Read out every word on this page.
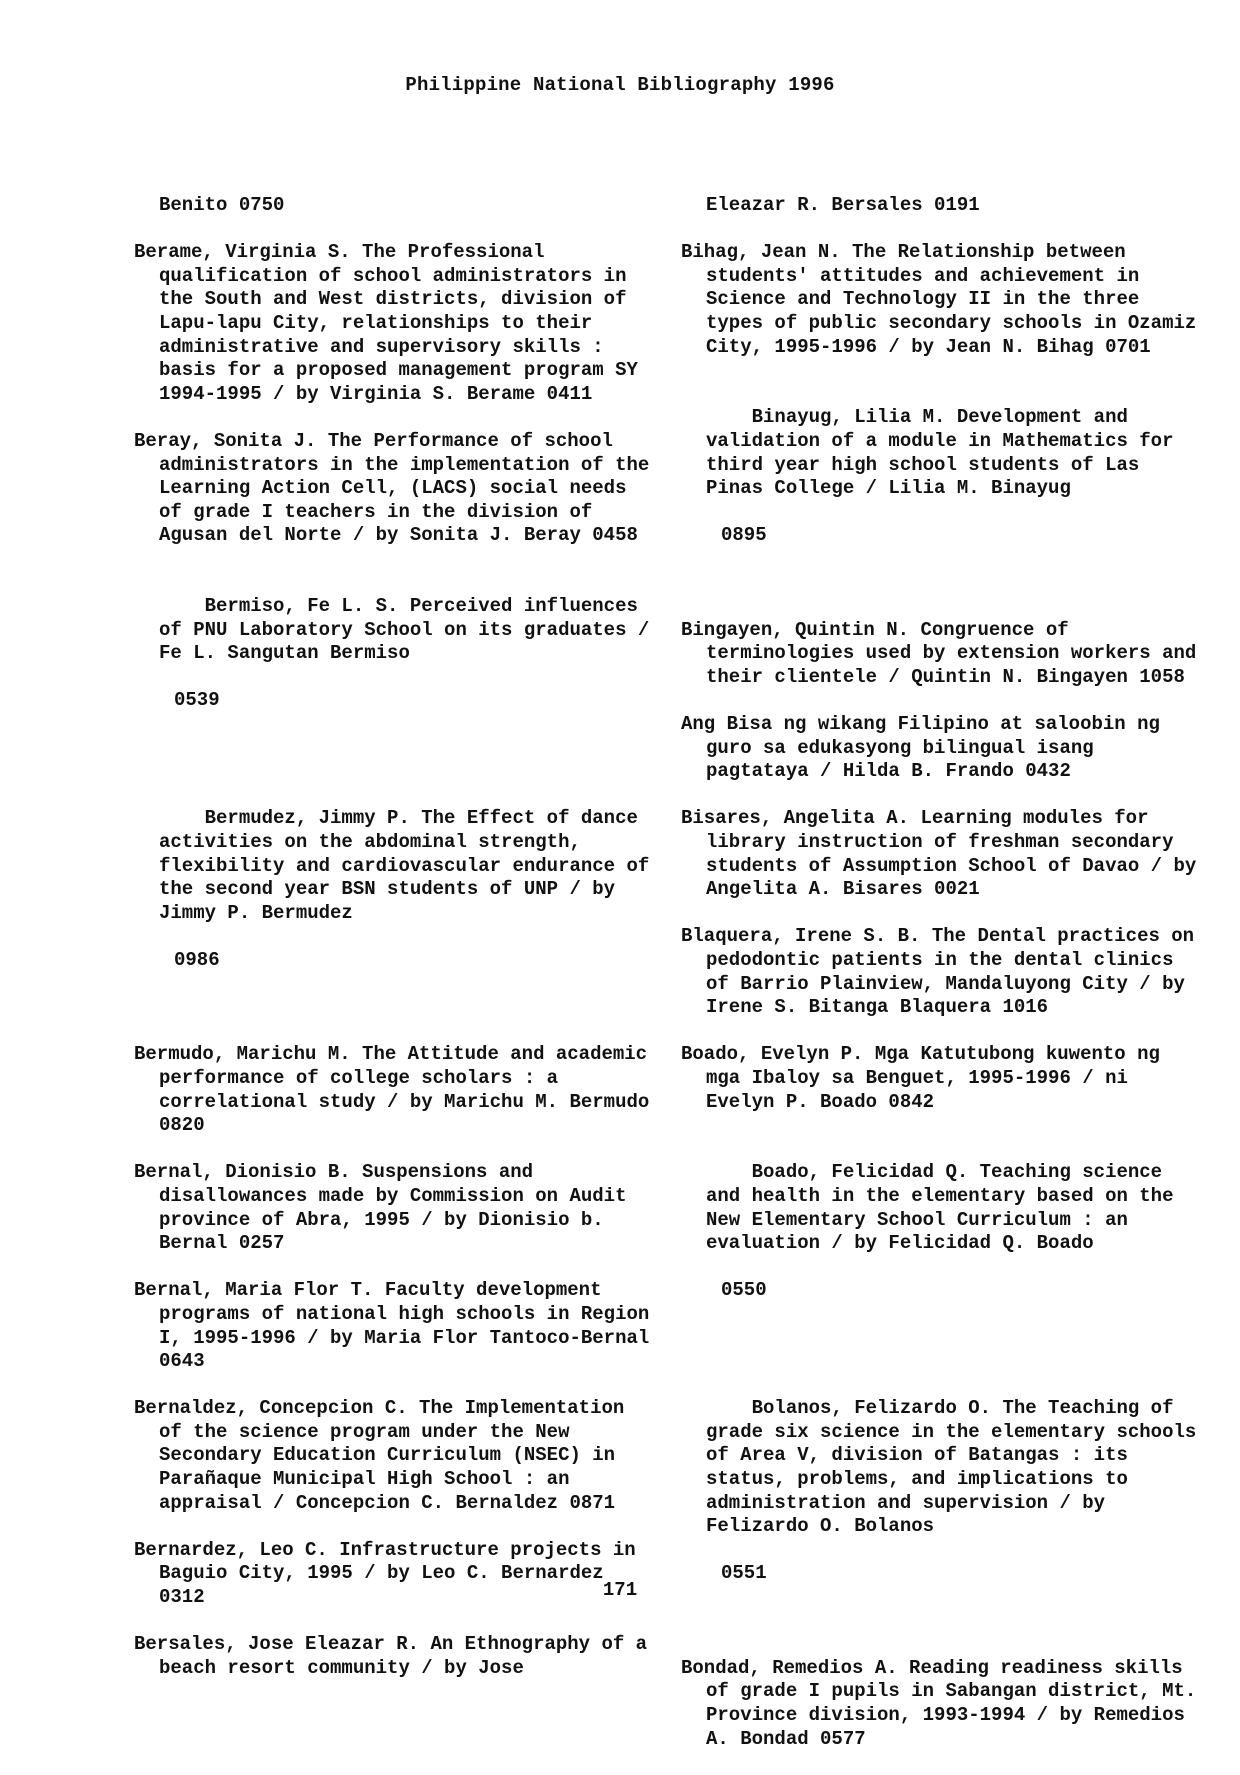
Philippine National Bibliography 1996

Benito 0750

Berame, Virginia S. The Professional qualification of school administrators in the South and West districts, division of Lapu-lapu City, relationships to their administrative and supervisory skills : basis for a proposed management program SY 1994-1995 / by Virginia S. Berame 0411

Beray, Sonita J. The Performance of school administrators in the implementation of the Learning Action Cell, (LACS) social needs of grade I teachers in the division of Agusan del Norte / by Sonita J. Beray 0458

Bermiso, Fe L. S. Perceived influences of PNU Laboratory School on its graduates / Fe L. Sangutan Bermiso

0539

Bermudez, Jimmy P. The Effect of dance activities on the abdominal strength, flexibility and cardiovascular endurance of the second year BSN students of UNP / by Jimmy P. Bermudez

0986

Bermudo, Marichu M. The Attitude and academic performance of college scholars : a correlational study / by Marichu M. Bermudo 0820

Bernal, Dionisio B. Suspensions and disallowances made by Commission on Audit province of Abra, 1995 / by Dionisio b. Bernal 0257

Bernal, Maria Flor T. Faculty development programs of national high schools in Region I, 1995-1996 / by Maria Flor Tantoco-Bernal 0643

Bernaldez, Concepcion C. The Implementation of the science program under the New Secondary Education Curriculum (NSEC) in Parañaque Municipal High School : an appraisal / Concepcion C. Bernaldez 0871

Bernardez, Leo C. Infrastructure projects in Baguio City, 1995 / by Leo C. Bernardez 0312

Bersales, Jose Eleazar R. An Ethnography of a beach resort community / by Jose

Eleazar R. Bersales 0191

Bihag, Jean N. The Relationship between students' attitudes and achievement in Science and Technology II in the three types of public secondary schools in Ozamiz City, 1995-1996 / by Jean N. Bihag 0701

Binayug, Lilia M. Development and validation of a module in Mathematics for third year high school students of Las Pinas College / Lilia M. Binayug

0895

Bingayen, Quintin N. Congruence of terminologies used by extension workers and their clientele / Quintin N. Bingayen 1058

Ang Bisa ng wikang Filipino at saloobin ng guro sa edukasyong bilingual isang pagtataya / Hilda B. Frando 0432

Bisares, Angelita A. Learning modules for library instruction of freshman secondary students of Assumption School of Davao / by Angelita A. Bisares 0021

Blaquera, Irene S. B. The Dental practices on pedodontic patients in the dental clinics of Barrio Plainview, Mandaluyong City / by Irene S. Bitanga Blaquera 1016

Boado, Evelyn P. Mga Katutubong kuwento ng mga Ibaloy sa Benguet, 1995-1996 / ni Evelyn P. Boado 0842

Boado, Felicidad Q. Teaching science and health in the elementary based on the New Elementary School Curriculum : an evaluation / by Felicidad Q. Boado

0550

Bolanos, Felizardo O. The Teaching of grade six science in the elementary schools of Area V, division of Batangas : its status, problems, and implications to administration and supervision / by Felizardo O. Bolanos

0551

Bondad, Remedios A. Reading readiness skills of grade I pupils in Sabangan district, Mt. Province division, 1993-1994 / by Remedios A. Bondad 0577

171
